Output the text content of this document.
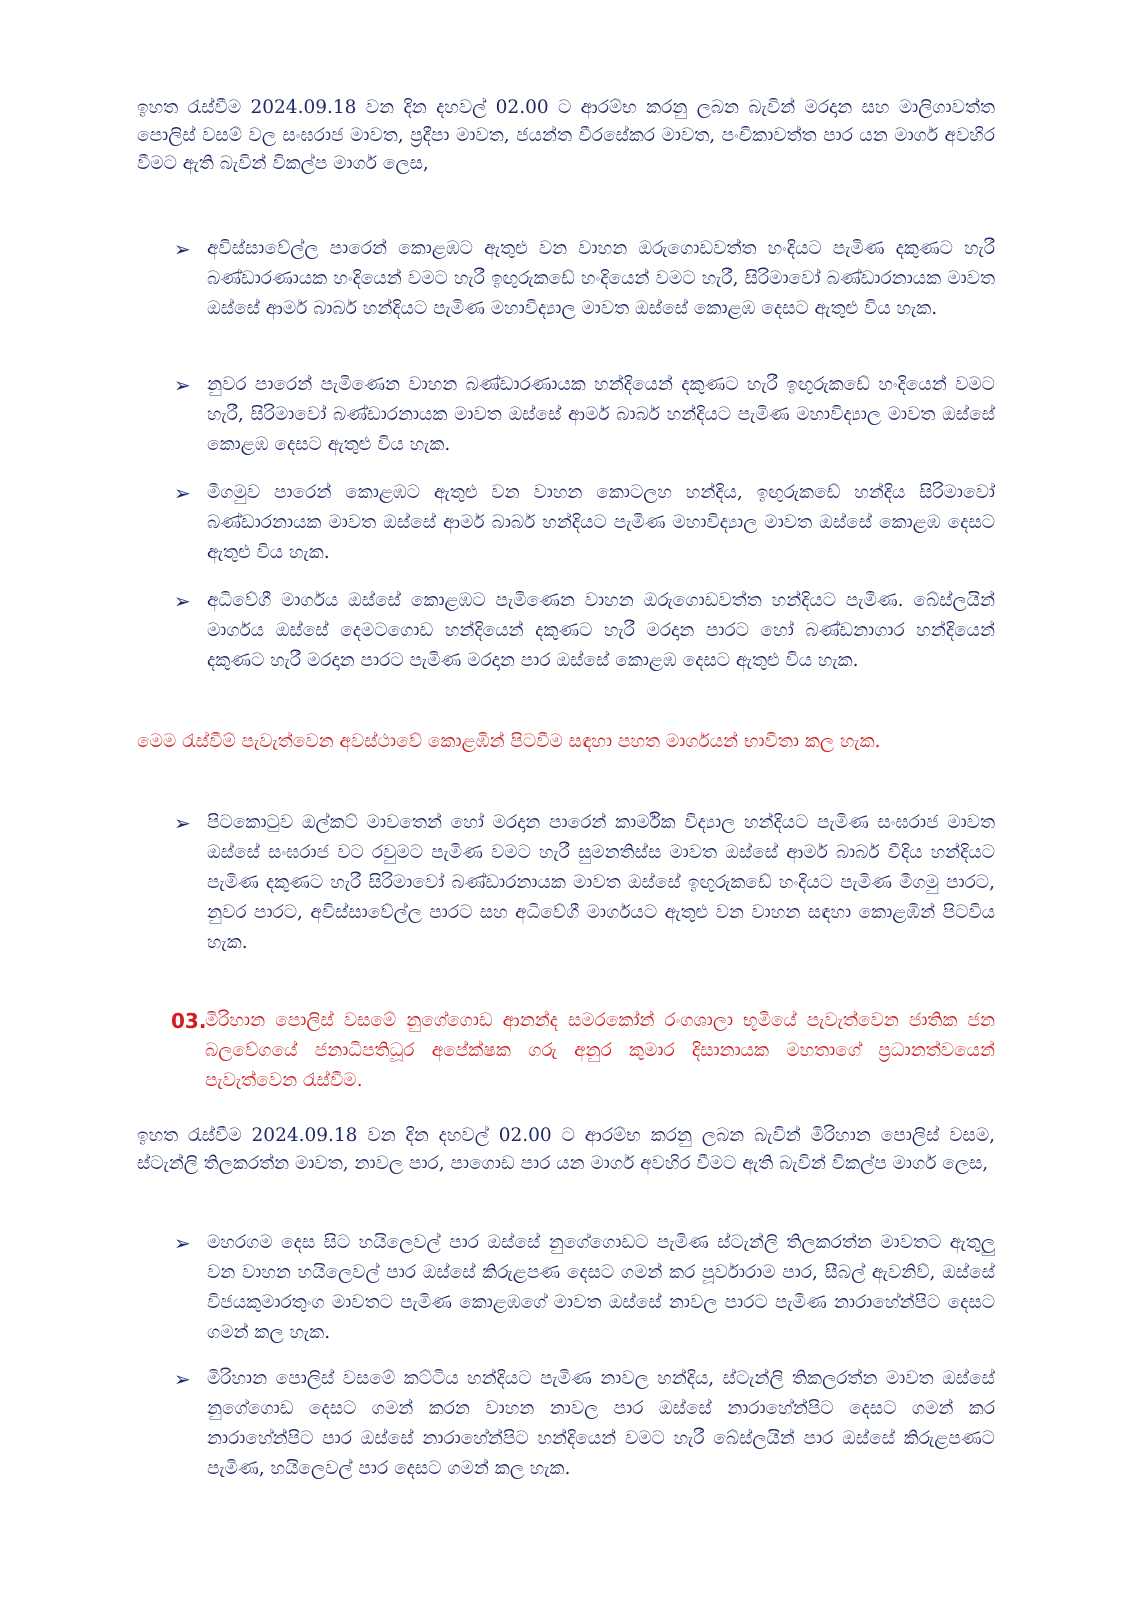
ඉහත රැස්වීම 2024.09.18 වන දින දහවල් 02.00 ට ආරම්භ කරනු ලබන බැවින් මරදාන සහ මාලිගාවත්ත පොලිස් වසම් වල සංඝරාජ මාවත, ප්‍රදීපා මාවත, ජයන්ත වීරසේකර මාවත, පංචිකාවත්ත පාර යන මාර්ග අවහිර වීමට ඇති බැවින් විකල්ප මාර්ග ලෙස,
➢ අවිස්සාවේල්ල පාරෙන් කොළඹට ඇතුළු වන වාහන ඔරුගොඩවත්ත හංදියට පැමිණ දකුණට හැරී බණ්ඩාරණායක හංදියෙන් වමට හැරී ඉඟුරුකඩේ හංදියෙන් වමට හැරී, සිරිමාවෝ බණ්ඩාරනායක මාවත ඔස්සේ ආමර් බාබර් හන්දියට පැමිණ මහාවිද්‍යාල මාවත ඔස්සේ කොළඹ දෙසට ඇතුළු විය හැක.
➢ නුවර පාරෙන් පැමිණෙන වාහන බණ්ඩාරණායක හන්දියෙන් දකුණට හැරී ඉඟුරුකඩේ හංදියෙන් වමට හැරී, සිරිමාවෝ බණ්ඩාරනායක මාවත ඔස්සේ ආමර් බාබර් හන්දියට පැමිණ මහාවිද්‍යාල මාවත ඔස්සේ කොළඹ දෙසට ඇතුළු විය හැක.
➢ මීගමුව පාරෙන් කොළඹට ඇතුළු වන වාහන කොටලහ හන්දිය, ඉඟුරුකඩේ හන්දිය සිරිමාවෝ බණ්ඩාරනායක මාවත ඔස්සේ ආමර් බාබර් හන්දියට පැමිණ මහාවිද්‍යාල මාවත ඔස්සේ කොළඹ දෙසට ඇතුළු විය හැක.
➢ අධිවේගී මාර්ගය ඔස්සේ කොළඹට පැමිණෙන වාහන ඔරුගොඩවත්ත හන්දියට පැමිණ. බේස්ලයින් මාර්ගය ඔස්සේ දෙමටගොඩ හන්දියෙන් දකුණට හැරී මරදාන පාරට හෝ බණ්ඩනාගාර හන්දියෙන් දකුණට හැරී මරදාන පාරට පැමිණ මරදාන පාර ඔස්සේ කොළඹ දෙසට ඇතුළු විය හැක.
මෙම රැස්වීම් පැවැත්වෙන අවස්ථාවේ කොළඹින් පිටවීම සඳහා පහත මාර්ගයන් භාවිතා කල හැක.
➢ පිටකොටුව ඔල්කට් මාවතෙන් හෝ මරදාන පාරෙන් කාර්මික විද්‍යාල හන්දියට පැමිණ සංඝරාජ මාවත ඔස්සේ සංඝරාජ වට රවුමට පැමිණ වමට හැරී සුමනතිස්ස මාවත ඔස්සේ ආමර් බාබර් වීදිය හන්දියට පැමිණ දකුණට හැරී සිරිමාවෝ බණ්ඩාරනායක මාවත ඔස්සේ ඉඟුරුකඩේ හංදියට පැමිණ මීගමු පාරට, නුවර පාරට, අවිස්සාවේල්ල පාරට සහ අධිවේගී මාර්ගයට ඇතුළු වන වාහන සඳහා කොළඹින් පිටවිය හැක.
03.
මිරිහාන පොලිස් වසමේ නුගේගොඩ ආනන්ද සමරකෝන් රංගශාලා භූමියේ පැවැත්වෙන ජාතික ජන බලවේගයේ ජනාධිපතිධූර අපේක්ෂක ගරු අනුර කුමාර දිසානායක මහතාගේ ප්‍රධානත්වයෙන් පැවැත්වෙන රැස්වීම.
ඉහත රැස්වීම 2024.09.18 වන දින දහවල් 02.00 ට ආරම්භ කරනු ලබන බැවින් මිරිහාන පොලිස් වසම, ස්ටැන්ලි තිලකරත්න මාවත, නාවල පාර, පාගොඩ පාර යන මාර්ග අවහිර වීමට ඇති බැවින් විකල්ප මාර්ග ලෙස,
➢ මහරගම දෙස සිට හයිලෙවල් පාර ඔස්සේ නුගේගොඩට පැමිණ ස්ටැන්ලි තිලකරත්න මාවතට ඇතුලු වන වාහන හයිලෙවල් පාර ඔස්සේ කිරුළපණ දෙසට ගමන් කර පූර්වාරාම පාර, සීබල් ඇවනිව්, ඔස්සේ විජයකුමාරතුංග මාවතට පැමිණ කොළඹගේ මාවත ඔස්සේ නාවල පාරට පැමිණ නාරාහේන්පිට දෙසට ගමන් කල හැක.
➢ මිරිහාන පොලිස් වසමේ කට්ටිය හන්දියට පැමිණ නාවල හන්දිය, ස්ටැන්ලි තිකලරත්න මාවත ඔස්සේ නුගේගොඩ දෙසට ගමන් කරන වාහන නාවල පාර ඔස්සේ නාරාහේන්පිට දෙසට ගමන් කර නාරාහේන්පිට පාර ඔස්සේ නාරාහේන්පිට හන්දියෙන් වමට හැරී බේස්ලයින් පාර ඔස්සේ කිරුළපණට පැමිණ, හයිලෙවල් පාර දෙසට ගමන් කල හැක.
